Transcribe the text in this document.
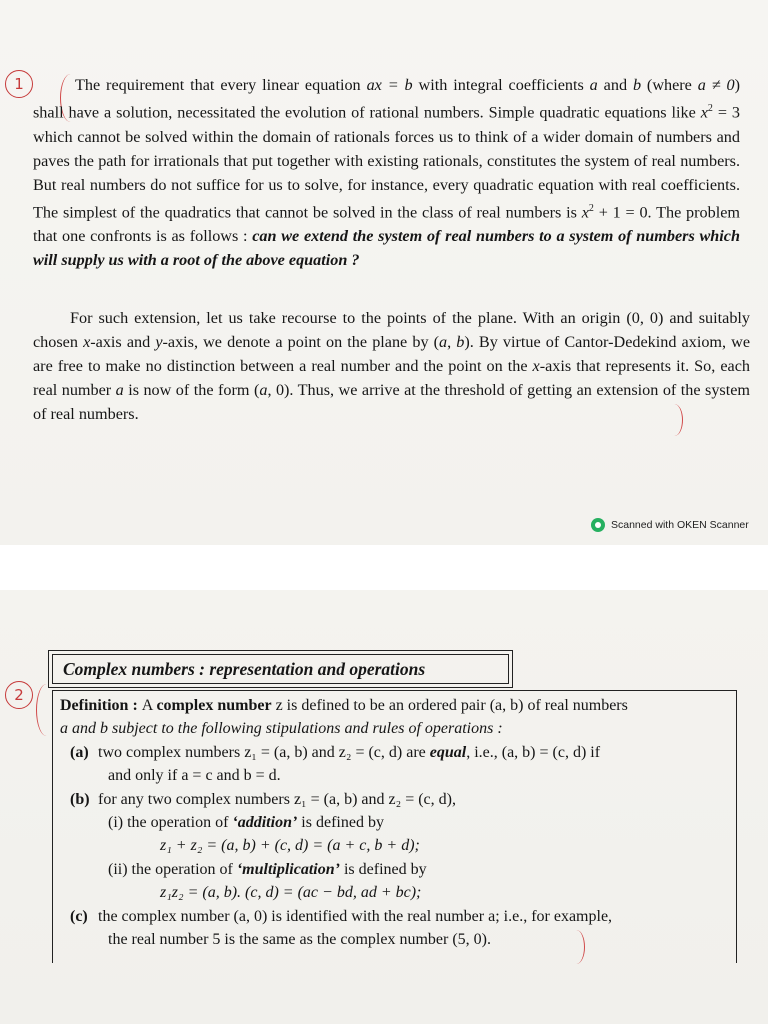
1	The requirement that every linear equation ax = b with integral coefficients a and b (where a ≠ 0) shall have a solution, necessitated the evolution of rational numbers. Simple quadratic equations like $x^2 = 3$ which cannot be solved within the domain of rationals forces us to think of a wider domain of numbers and paves the path for irrationals that put together with existing rationals, constitutes the system of real numbers. But real numbers do not suffice for us to solve, for instance, every quadratic equation with real coefficients. The simplest of the quadratics that cannot be solved in the class of real numbers is $x^2 + 1 = 0$. The problem that one confronts is as follows : can we extend the system of real numbers to a system of numbers which will supply us with a root of the above equation ?

For such extension, let us take recourse to the points of the plane. With an origin (0, 0) and suitably chosen x-axis and y-axis, we denote a point on the plane by (a, b). By virtue of Cantor-Dedekind axiom, we are free to make no distinction between a real number and the point on the x-axis that represents it. So, each real number a is now of the form (a, 0). Thus, we arrive at the threshold of getting an extension of the system of real numbers.

Scanned with OKEN Scanner
2
Complex numbers : representation and operations
Definition : A complex number z is defined to be an ordered pair (a, b) of real numbers
a and b subject to the following stipulations and rules of operations :
(a) two complex numbers z₁ = (a, b) and z₂ = (c, d) are equal, i.e., (a, b) = (c, d) if
and only if a = c and b = d.
(b) for any two complex numbers z₁ = (a, b) and z₂ = (c, d),
(i) the operation of ‘addition’ is defined by
z₁ + z₂ = (a, b) + (c, d) = (a + c, b + d);
(ii) the operation of ‘multiplication’ is defined by
z₁z₂ = (a, b). (c, d) = (ac − bd, ad + bc);
(c) the complex number (a, 0) is identified with the real number a; i.e., for example,
the real number 5 is the same as the complex number (5, 0).
